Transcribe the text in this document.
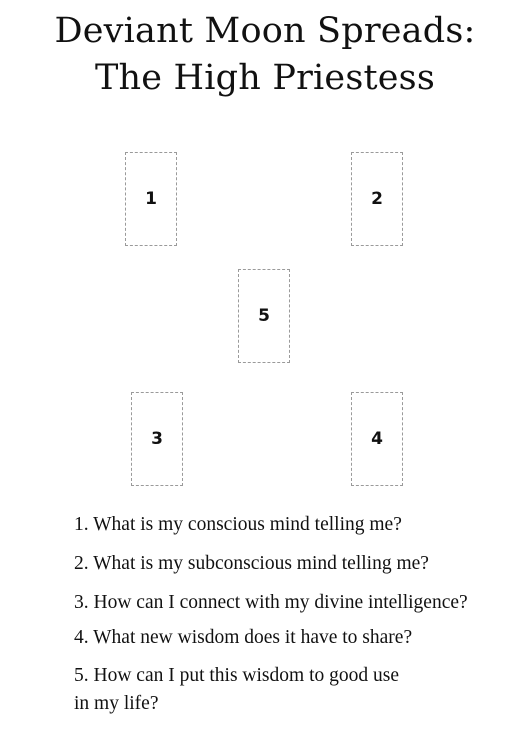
Deviant Moon Spreads:
The High Priestess
1	2
5
3	4
1. What is my conscious mind telling me?
2. What is my subconscious mind telling me?
3. How can I connect with my divine intelligence?
4. What new wisdom does it have to share?
5. How can I put this wisdom to good use
in my life?
